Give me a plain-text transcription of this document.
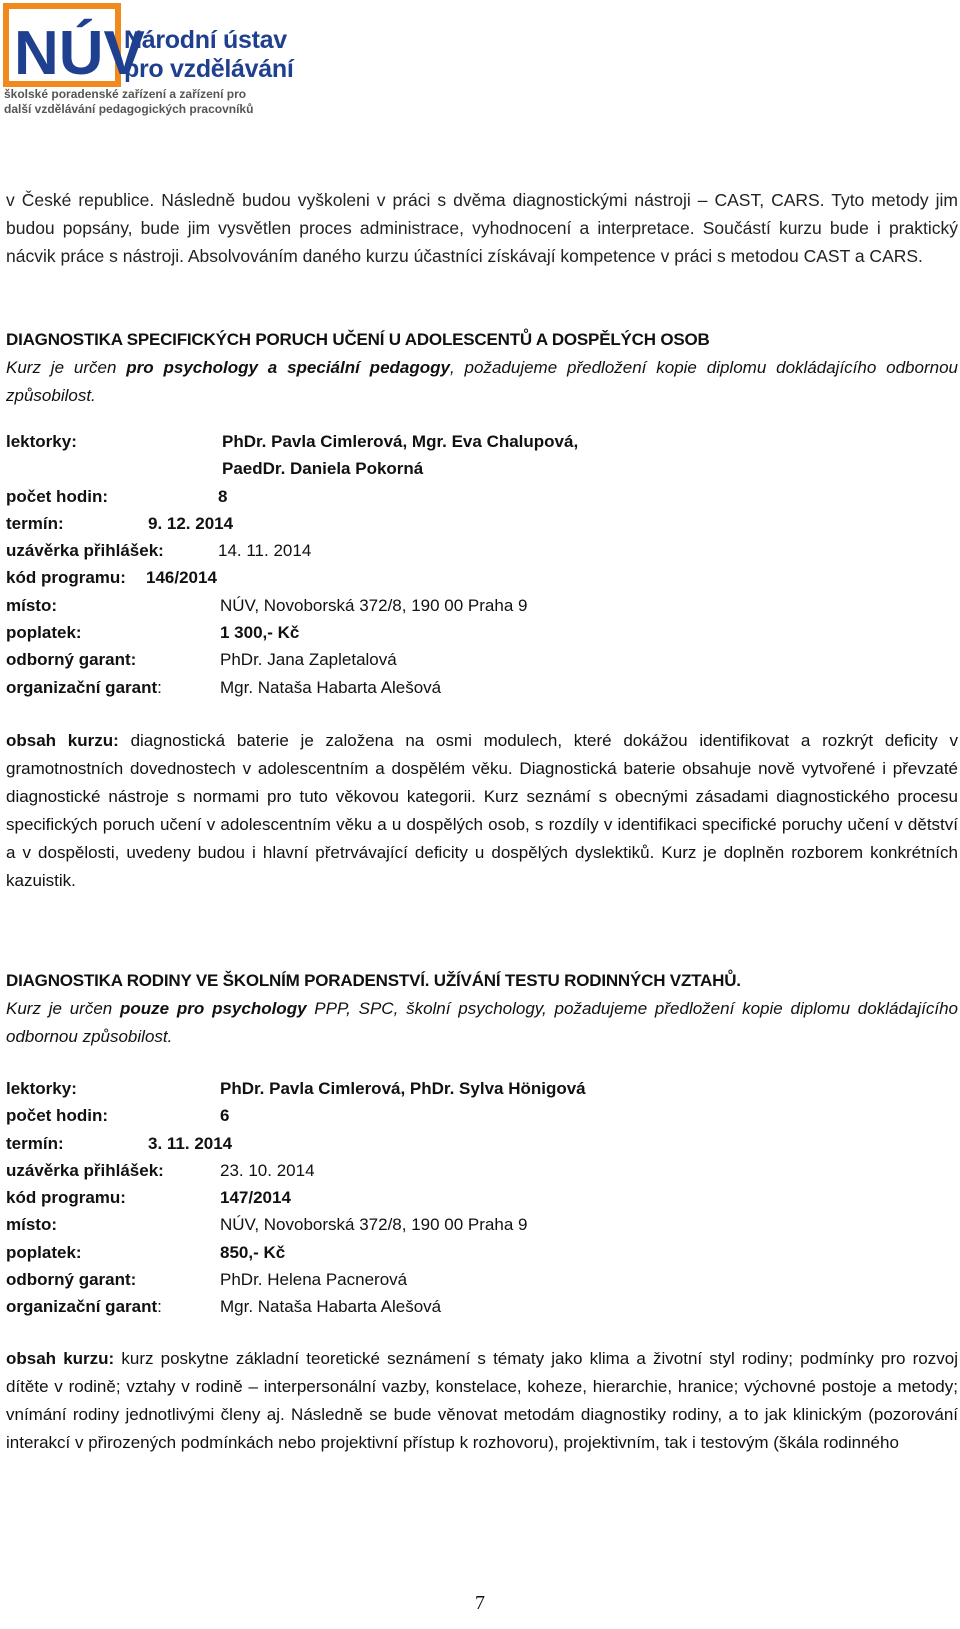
NÚV
Národní ústav
pro vzdělávání
školské poradenské zařízení a zařízení pro
další vzdělávání pedagogických pracovníků

v České republice. Následně budou vyškoleni v práci s dvěma diagnostickými nástroji – CAST, CARS. Tyto metody jim budou popsány, bude jim vysvětlen proces administrace, vyhodnocení a interpretace. Součástí kurzu bude i praktický nácvik práce s nástroji. Absolvováním daného kurzu účastníci získávají kompetence v práci s metodou CAST a CARS.

DIAGNOSTIKA SPECIFICKÝCH PORUCH UČENÍ U ADOLESCENTŮ A DOSPĚLÝCH OSOB

Kurz je určen pro psychology a speciální pedagogy, požadujeme předložení kopie diplomu dokládajícího odbornou způsobilost.

lektorky:	PhDr. Pavla Cimlerová, Mgr. Eva Chalupová,
PaedDr. Daniela Pokorná
počet hodin:	8
termín:	9. 12. 2014
uzávěrka přihlášek:	14. 11. 2014
kód programu:	146/2014
místo:	NÚV, Novoborská 372/8, 190 00 Praha 9
poplatek:	1 300,- Kč
odborný garant:	PhDr. Jana Zapletalová
organizační garant:	Mgr. Nataša Habarta Alešová

obsah kurzu: diagnostická baterie je založena na osmi modulech, které dokážou identifikovat a rozkrýt deficity v gramotnostních dovednostech v adolescentním a dospělém věku. Diagnostická baterie obsahuje nově vytvořené i převzaté diagnostické nástroje s normami pro tuto věkovou kategorii. Kurz seznámí s obecnými zásadami diagnostického procesu specifických poruch učení v adolescentním věku a u dospělých osob, s rozdíly v identifikaci specifické poruchy učení v dětství a v dospělosti, uvedeny budou i hlavní přetrvávající deficity u dospělých dyslektiků. Kurz je doplněn rozborem konkrétních kazuistik.

DIAGNOSTIKA RODINY VE ŠKOLNÍM PORADENSTVÍ. UŽÍVÁNÍ TESTU RODINNÝCH VZTAHŮ.

Kurz je určen pouze pro psychology PPP, SPC, školní psychology, požadujeme předložení kopie diplomu dokládajícího odbornou způsobilost.

lektorky:	PhDr. Pavla Cimlerová, PhDr. Sylva Hönigová
počet hodin:	6
termín:	3. 11. 2014
uzávěrka přihlášek:	23. 10. 2014
kód programu:	147/2014
místo:	NÚV, Novoborská 372/8, 190 00 Praha 9
poplatek:	850,- Kč
odborný garant:	PhDr. Helena Pacnerová
organizační garant:	Mgr. Nataša Habarta Alešová

obsah kurzu: kurz poskytne základní teoretické seznámení s tématy jako klima a životní styl rodiny; podmínky pro rozvoj dítěte v rodině; vztahy v rodině – interpersonální vazby, konstelace, koheze, hierarchie, hranice; výchovné postoje a metody; vnímání rodiny jednotlivými členy aj. Následně se bude věnovat metodám diagnostiky rodiny, a to jak klinickým (pozorování interakcí v přirozených podmínkách nebo projektivní přístup k rozhovoru), projektivním, tak i testovým (škála rodinného

7
